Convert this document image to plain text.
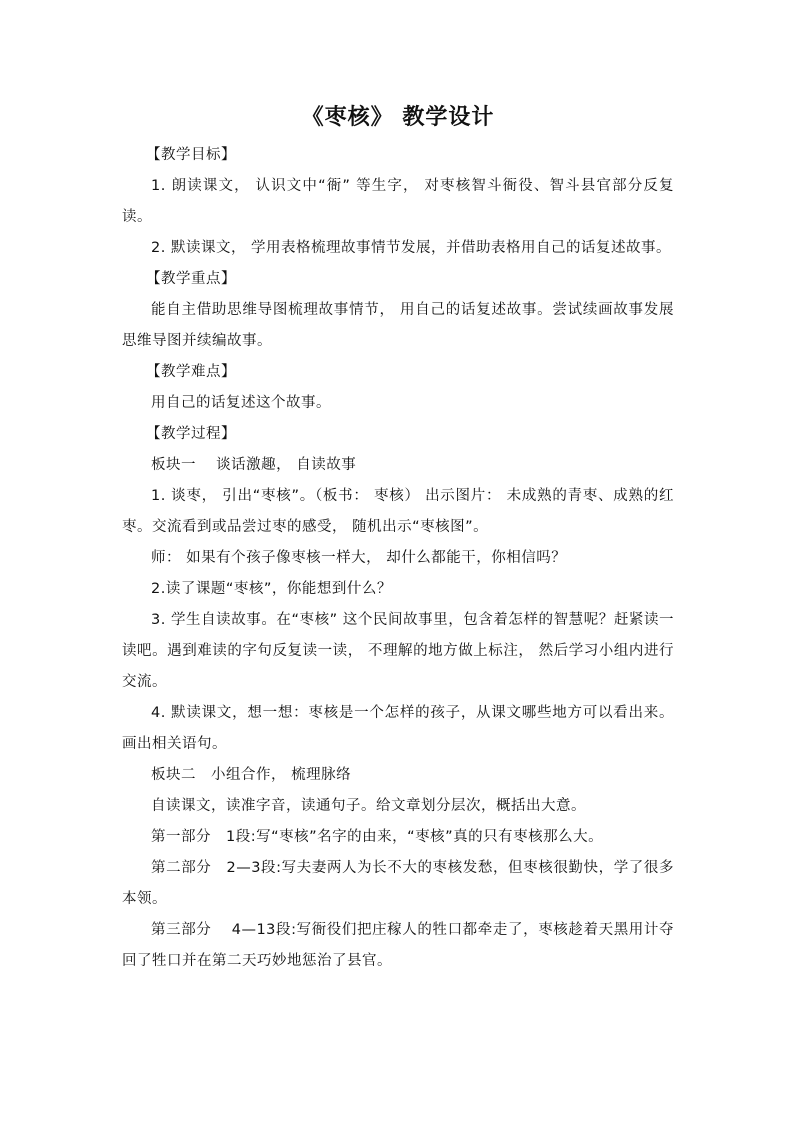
《枣核》 教学设计

【教学目标】

1. 朗读课文， 认识文中“衙” 等生字， 对枣核智斗衙役、智斗县官部分反复读。

2. 默读课文， 学用表格梳理故事情节发展，并借助表格用自己的话复述故事。

【教学重点】

能自主借助思维导图梳理故事情节， 用自己的话复述故事。尝试续画故事发展思维导图并续编故事。

【教学难点】

用自己的话复述这个故事。

【教学过程】

板块一　 谈话激趣， 自读故事

1. 谈枣， 引出“枣核”。（板书： 枣核） 出示图片： 未成熟的青枣、成熟的红枣。交流看到或品尝过枣的感受， 随机出示“枣核图”。

师： 如果有个孩子像枣核一样大， 却什么都能干，你相信吗？

2.读了课题“枣核”，你能想到什么？

3. 学生自读故事。在“枣核” 这个民间故事里，包含着怎样的智慧呢？赶紧读一读吧。遇到难读的字句反复读一读， 不理解的地方做上标注， 然后学习小组内进行交流。

4. 默读课文，想一想：枣核是一个怎样的孩子，从课文哪些地方可以看出来。画出相关语句。

板块二　小组合作， 梳理脉络

自读课文，读准字音，读通句子。给文章划分层次，概括出大意。

第一部分　1段:写“枣核”名字的由来，“枣核”真的只有枣核那么大。

第二部分　2—3段:写夫妻两人为长不大的枣核发愁，但枣核很勤快，学了很多本领。

第三部分　 4—13段:写衙役们把庄稼人的牲口都牵走了，枣核趁着天黑用计夺回了牲口并在第二天巧妙地惩治了县官。
